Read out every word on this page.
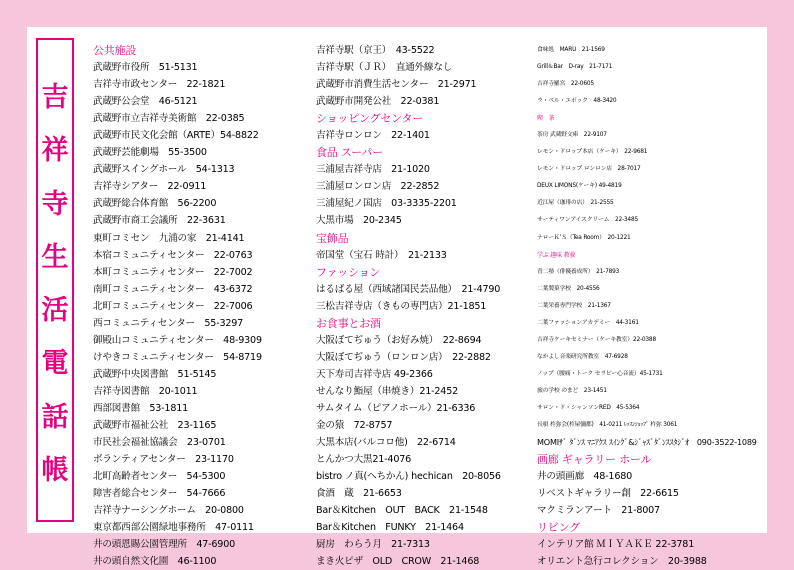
吉
祥
寺
生
活
電
話
帳
公共施設
武蔵野市役所　51-5131
吉祥寺市政センター　22-1821
武蔵野公会堂　46-5121
武蔵野市立吉祥寺美術館　22-0385
武蔵野市民文化会館（ARTE）54-8822
武蔵野芸能劇場　55-3500
武蔵野スイングホール　54-1313
吉祥寺シアター　22-0911
武蔵野総合体育館　56-2200
武蔵野市商工会議所　22-3631
東町コミセン　九浦の家　21-4141
本宿コミュニティセンター　22-0763
本町コミュニティセンター　22-7002
南町コミュニティセンター　43-6372
北町コミュニティセンター　22-7006
西コミュニティセンター　55-3297
御殿山コミュニティセンター　48-9309
けやきコミュニティセンター　54-8719
武蔵野中央図書館　51-5145
吉祥寺図書館　20-1011
西部図書館　53-1811
武蔵野市福祉公社　23-1165
市民社会福祉協議会　23-0701
ボランティアセンター　23-1170
北町高齢者センター　54-5300
障害者総合センター　54-7666
吉祥寺ナーシングホーム　20-0800
東京都西部公園緑地事務所　47-0111
井の頭恩賜公園管理所　47-6900
井の頭自然文化園　46-1100
吉祥寺駅（京王）　43-5522
吉祥寺駅（ＪＲ）　直通外線なし
武蔵野市消費生活センター　21-2971
武蔵野市開発公社　22-0381
ショッピングセンター
吉祥寺ロンロン　22-1401
食品 スーパー
三浦屋吉祥寺店　21-1020
三浦屋ロンロン店　22-2852
三浦屋紀ノ国店　03-3335-2201
大黒市場　20-2345
宝飾品
帝国堂（宝石 時計）　21-2133
ファッション
はるばる屋（西域諸国民芸品他）　21-4790
三松吉祥寺店（きもの専門店）21-1851
お食事とお酒
大阪ぼてぢゅう（お好み焼）　22-8694
大阪ぼてぢゅう（ロンロン店）　22-2882
天下寿司吉祥寺店 49-2366
せんなり鮨屋（串焼き）21-2452
サムタイム（ピアノホール）21-6336
金の猿　72-8757
大黒本店(バルコロ他)　22-6714
とんかつ大黒21-4076
bistro ノ真(へちかん) hechican　20-8056
食酒　蔵　21-6653
Bar＆Kitchen　OUT　BACK　21-1548
Bar＆Kitchen　FUNKY　21-1464
厨房　わらう月　21-7313
まき火ピザ　OLD　CROW　21-1468
食味処　MARU　21-1569
Grill＆Bar　D-ray　21-7171
吉祥寺羅宮　22-0605
ラ・ペル・エポック　48-3420
喫　茶
茶房 武蔵野文庫　22-9107
レモン・ドロップ本店（ケーキ）　22-9681
レモン・ドロップ ロンロン店　28-7017
DEUX LIMONS(ケーキ) 49-4819
近江屋（珈琲の店）　21-2555
サーティワンアイスクリーム　22-3485
ナローＫ’Ｓ（Tea Room）　20-1221
学ぶ 趣味 教養
青二塾（俳優養成所）　21-7893
二葉製菓学校　20-4556
二葉栄養専門学校　21-1367
二葉ファッションアカデミー　44-3161
吉祥寺ケーキセミナー（ケーキ教室）22-0388
なかよし音楽研究所教室　47-6928
ノップ（腰痛・トーク セラピー心音流）45-1731
旅の学校 のまど　23-1451
サロン・ド・シャンソンRED　45-5364
長唄 杵弥会(杵屋彌都)　41-0211 ﾚｯｽﾝｼｮｯﾌﾟ 杵弥 3061
MOMIｻﾞ ﾀﾞﾝｽ ﾏﾆｱｸｽ ｽｲﾝｸﾞ&ｼﾞｬｽﾞﾀﾞﾝｽｽﾀｼﾞｵ　090-3522-1089
画廊 ギャラリー ホール
井の頭画廊　48-1680
リベストギャラリー創　22-6615
マクミランアート　21-8007
リビング
インテリア館 ＭＩＹＡＫＥ 22-3781
オリエント急行コレクション　20-3988
